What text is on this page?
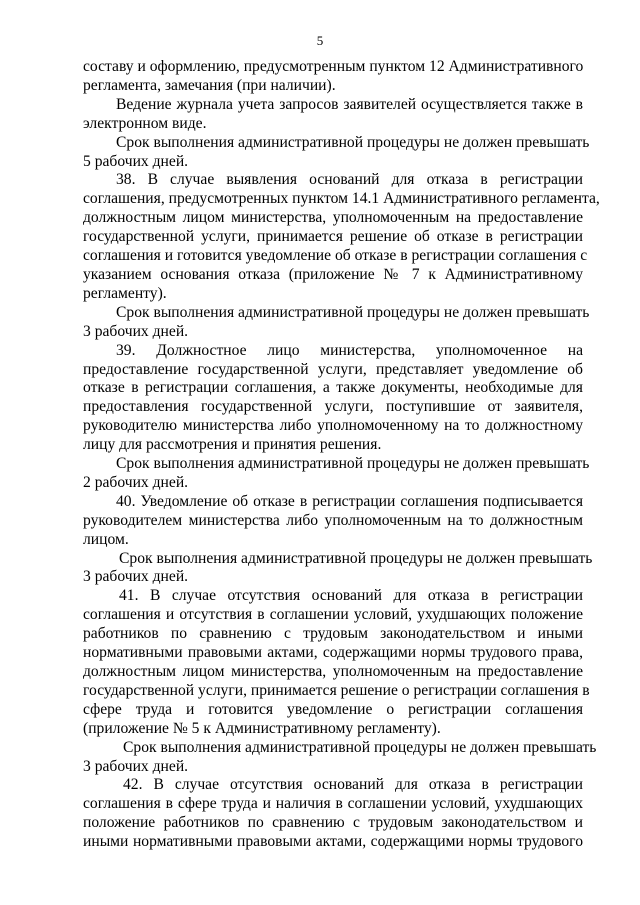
5
составу и оформлению, предусмотренным пунктом 12 Административного
регламента, замечания (при наличии).
Ведение журнала учета запросов заявителей осуществляется также в
электронном виде.
Срок выполнения административной процедуры не должен превышать
5 рабочих дней.
38. В случае выявления оснований для отказа в регистрации
соглашения, предусмотренных пунктом 14.1 Административного регламента,
должностным лицом министерства, уполномоченным на предоставление
государственной услуги, принимается решение об отказе в регистрации
соглашения и готовится уведомление об отказе в регистрации соглашения с
указанием основания отказа (приложение № 7 к Административному
регламенту).
Срок выполнения административной процедуры не должен превышать
3 рабочих дней.
39. Должностное лицо министерства, уполномоченное на
предоставление государственной услуги, представляет уведомление об
отказе в регистрации соглашения, а также документы, необходимые для
предоставления государственной услуги, поступившие от заявителя,
руководителю министерства либо уполномоченному на то должностному
лицу для рассмотрения и принятия решения.
Срок выполнения административной процедуры не должен превышать
2 рабочих дней.
40. Уведомление об отказе в регистрации соглашения подписывается
руководителем министерства либо уполномоченным на то должностным
лицом.
Срок выполнения административной процедуры не должен превышать
3 рабочих дней.
41. В случае отсутствия оснований для отказа в регистрации
соглашения и отсутствия в соглашении условий, ухудшающих положение
работников по сравнению с трудовым законодательством и иными
нормативными правовыми актами, содержащими нормы трудового права,
должностным лицом министерства, уполномоченным на предоставление
государственной услуги, принимается решение о регистрации соглашения в
сфере труда и готовится уведомление о регистрации соглашения
(приложение № 5 к Административному регламенту).
Срок выполнения административной процедуры не должен превышать
3 рабочих дней.
42. В случае отсутствия оснований для отказа в регистрации
соглашения в сфере труда и наличия в соглашении условий, ухудшающих
положение работников по сравнению с трудовым законодательством и
иными нормативными правовыми актами, содержащими нормы трудового
